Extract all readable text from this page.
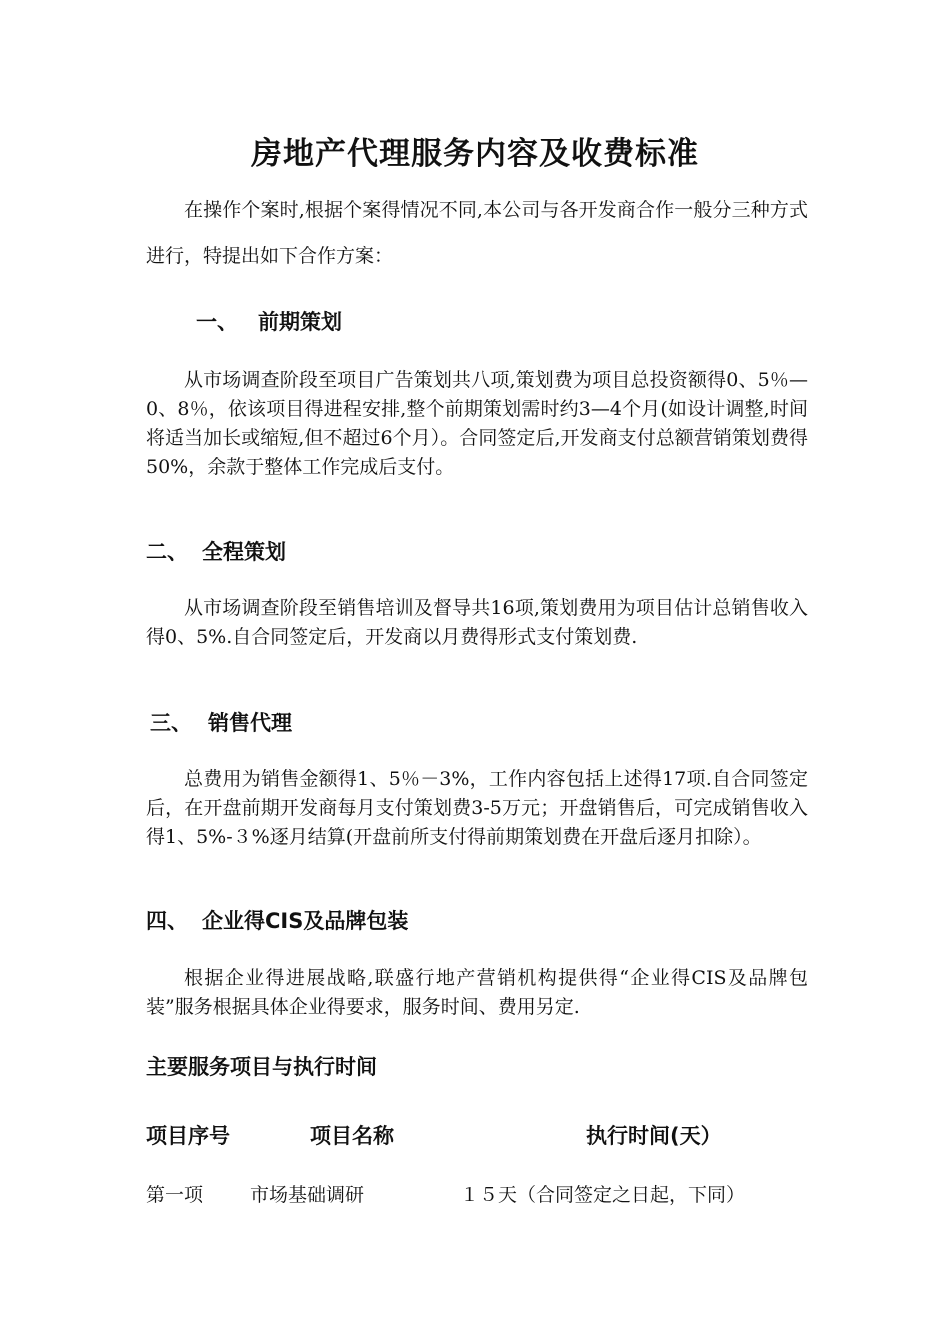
房地产代理服务内容及收费标准
在操作个案时,根据个案得情况不同,本公司与各开发商合作一般分三种方式进行，特提出如下合作方案：
一、 前期策划
从市场调查阶段至项目广告策划共八项,策划费为项目总投资额得0、5％—0、8％，依该项目得进程安排,整个前期策划需时约3—4个月(如设计调整,时间将适当加长或缩短,但不超过6个月）。合同签定后,开发商支付总额营销策划费得50%，余款于整体工作完成后支付。
二、 全程策划
从市场调查阶段至销售培训及督导共16项,策划费用为项目估计总销售收入得0、5%.自合同签定后，开发商以月费得形式支付策划费.
三、 销售代理
总费用为销售金额得1、5％－3%，工作内容包括上述得17项.自合同签定后，在开盘前期开发商每月支付策划费3-5万元；开盘销售后，可完成销售收入得1、5%-３%逐月结算(开盘前所支付得前期策划费在开盘后逐月扣除）。
四、 企业得CIS及品牌包装
根据企业得进展战略,联盛行地产营销机构提供得“企业得CIS及品牌包装”服务根据具体企业得要求，服务时间、费用另定.
主要服务项目与执行时间
项目序号	项目名称	执行时间(天）
第一项 市场基础调研	１５天（合同签定之日起，下同）
